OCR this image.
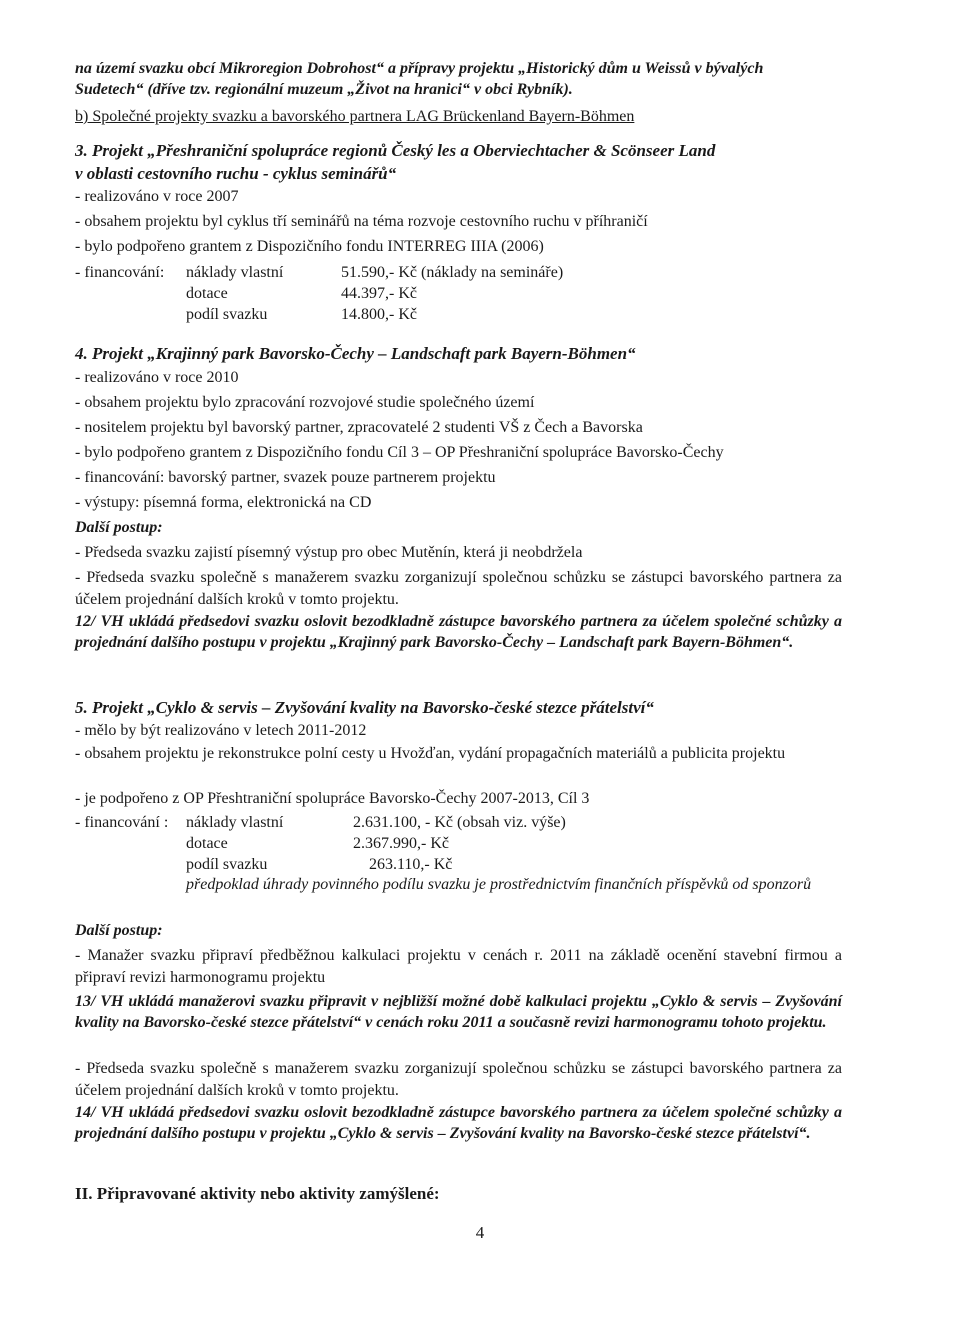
na území svazku obcí Mikroregion Dobrohost“ a přípravy projektu „Historický dům u Weissů v bývalých
Sudetech“ (dříve tzv. regionální muzeum „Život na hranici“ v obci Rybník).
b) Společné projekty svazku a bavorského partnera LAG Brückenland Bayern-Böhmen
3. Projekt „Přeshraniční spolupráce regionů Český les a Oberviechtacher & Scönseer Land
v oblasti cestovního ruchu - cyklus seminářů“
- realizováno v roce 2007
- obsahem projektu byl cyklus tří seminářů na téma rozvoje cestovního ruchu v příhraničí
- bylo podpořeno grantem z Dispozičního fondu INTERREG IIIA (2006)
- financování: náklady vlastní	51.590,- Kč (náklady na semináře)
dotace	44.397,- Kč
podíl svazku	14.800,- Kč
4. Projekt „Krajinný park Bavorsko-Čechy – Landschaft park Bayern-Böhmen“
- realizováno v roce 2010
- obsahem projektu bylo zpracování rozvojové studie společného území
- nositelem projektu byl bavorský partner, zpracovatelé 2 studenti VŠ z Čech a Bavorska
- bylo podpořeno grantem z Dispozičního fondu Cíl 3 – OP Přeshraniční spolupráce Bavorsko-Čechy
- financování: bavorský partner, svazek pouze partnerem projektu
- výstupy: písemná forma, elektronická na CD
Další postup:
- Předseda svazku zajistí písemný výstup pro obec Mutěnín, která ji neobdržela
- Předseda svazku společně s manažerem svazku zorganizují společnou schůzku se zástupci bavorského partnera za účelem projednání dalších kroků v tomto projektu.
12/ VH ukládá předsedovi svazku oslovit bezodkladně zástupce bavorského partnera za účelem společné schůzky a projednání dalšího postupu v projektu „Krajinný park Bavorsko-Čechy – Landschaft park Bayern-Böhmen“.
5. Projekt „Cyklo & servis – Zvyšování kvality na Bavorsko-české stezce přátelství“
- mělo by být realizováno v letech 2011-2012
- obsahem projektu je rekonstrukce polní cesty u Hvožďan, vydání propagačních materiálů a publicita projektu
- je podpořeno z OP Přeshtraniční spolupráce Bavorsko-Čechy 2007-2013, Cíl 3
- financování : náklady vlastní	2.631.100, - Kč (obsah viz. výše)
dotace	2.367.990,- Kč
podíl svazku	263.110,- Kč
předpoklad úhrady povinného podílu svazku je prostřednictvím finančních příspěvků od sponzorů
Další postup:
- Manažer svazku připraví předběžnou kalkulaci projektu v cenách r. 2011 na základě ocenění stavební firmou a připraví revizi harmonogramu projektu
13/ VH ukládá manažerovi svazku připravit v nejbližší možné době kalkulaci projektu „Cyklo & servis – Zvyšování kvality na Bavorsko-české stezce přátelství“ v cenách roku 2011 a současně revizi harmonogramu tohoto projektu.
- Předseda svazku společně s manažerem svazku zorganizují společnou schůzku se zástupci bavorského partnera za účelem projednání dalších kroků v tomto projektu.
14/ VH ukládá předsedovi svazku oslovit bezodkladně zástupce bavorského partnera za účelem společné schůzky a projednání dalšího postupu v projektu „Cyklo & servis – Zvyšování kvality na Bavorsko-české stezce přátelství“.
II. Připravované aktivity nebo aktivity zamýšlené:
4
